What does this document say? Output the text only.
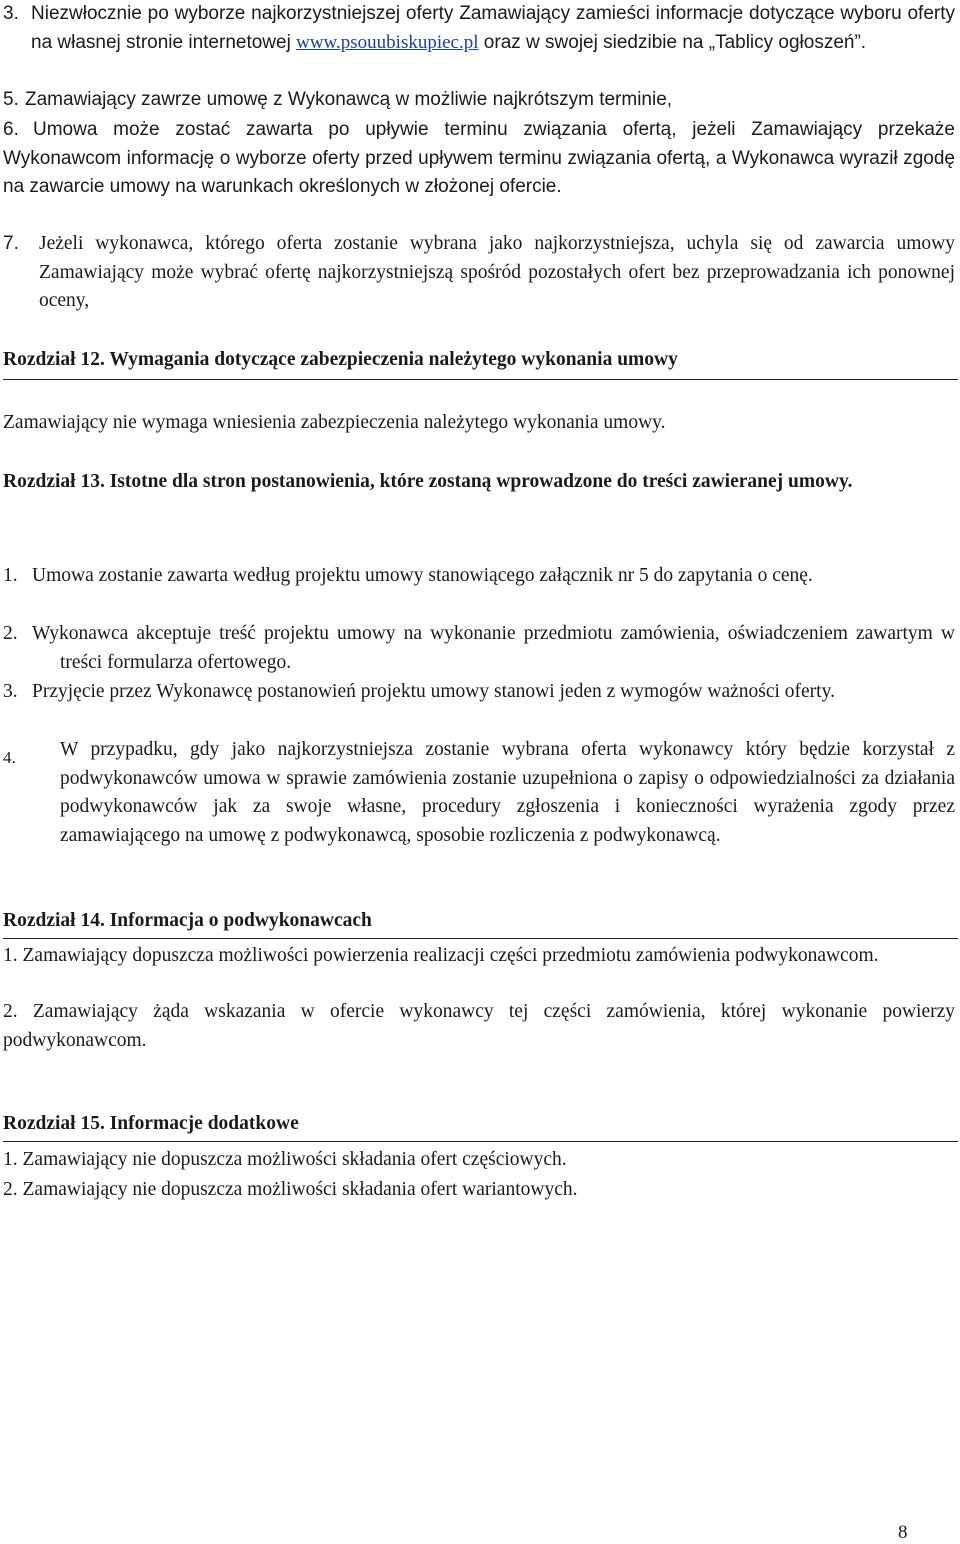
3. Niezwłocznie po wyborze najkorzystniejszej oferty Zamawiający zamieści informacje dotyczące wyboru oferty na własnej stronie internetowej www.psouubiskupiec.pl oraz w swojej siedzibie na „Tablicy ogłoszeń”.
5. Zamawiający zawrze umowę z Wykonawcą w możliwie najkrótszym terminie,
6. Umowa może zostać zawarta po upływie terminu związania ofertą, jeżeli Zamawiający przekaże Wykonawcom informację o wyborze oferty przed upływem terminu związania ofertą, a Wykonawca wyraził zgodę na zawarcie umowy na warunkach określonych w złożonej ofercie.
7. Jeżeli wykonawca, którego oferta zostanie wybrana jako najkorzystniejsza, uchyla się od zawarcia umowy Zamawiający może wybrać ofertę najkorzystniejszą spośród pozostałych ofert bez przeprowadzania ich ponownej oceny,
Rozdział 12. Wymagania dotyczące zabezpieczenia należytego wykonania umowy
Zamawiający nie wymaga wniesienia zabezpieczenia należytego wykonania umowy.
Rozdział 13. Istotne dla stron postanowienia, które zostaną wprowadzone do treści zawieranej umowy.
1. Umowa zostanie zawarta według projektu umowy stanowiącego załącznik nr 5 do zapytania o cenę.
2. Wykonawca akceptuje treść projektu umowy na wykonanie przedmiotu zamówienia, oświadczeniem zawartym w treści formularza ofertowego.
3. Przyjęcie przez Wykonawcę postanowień projektu umowy stanowi jeden z wymogów ważności oferty.
4. W przypadku, gdy jako najkorzystniejsza zostanie wybrana oferta wykonawcy który będzie korzystał z podwykonawców umowa w sprawie zamówienia zostanie uzupełniona o zapisy o odpowiedzialności za działania podwykonawców jak za swoje własne, procedury zgłoszenia i konieczności wyrażenia zgody przez zamawiającego na umowę z podwykonawcą, sposobie rozliczenia z podwykonawcą.
Rozdział 14. Informacja o podwykonawcach
1. Zamawiający dopuszcza możliwości powierzenia realizacji części przedmiotu zamówienia podwykonawcom.
2. Zamawiający żąda wskazania w ofercie wykonawcy tej części zamówienia, której wykonanie powierzy podwykonawcom.
Rozdział 15. Informacje dodatkowe
1. Zamawiający nie dopuszcza możliwości składania ofert częściowych.
2. Zamawiający nie dopuszcza możliwości składania ofert wariantowych.
8
